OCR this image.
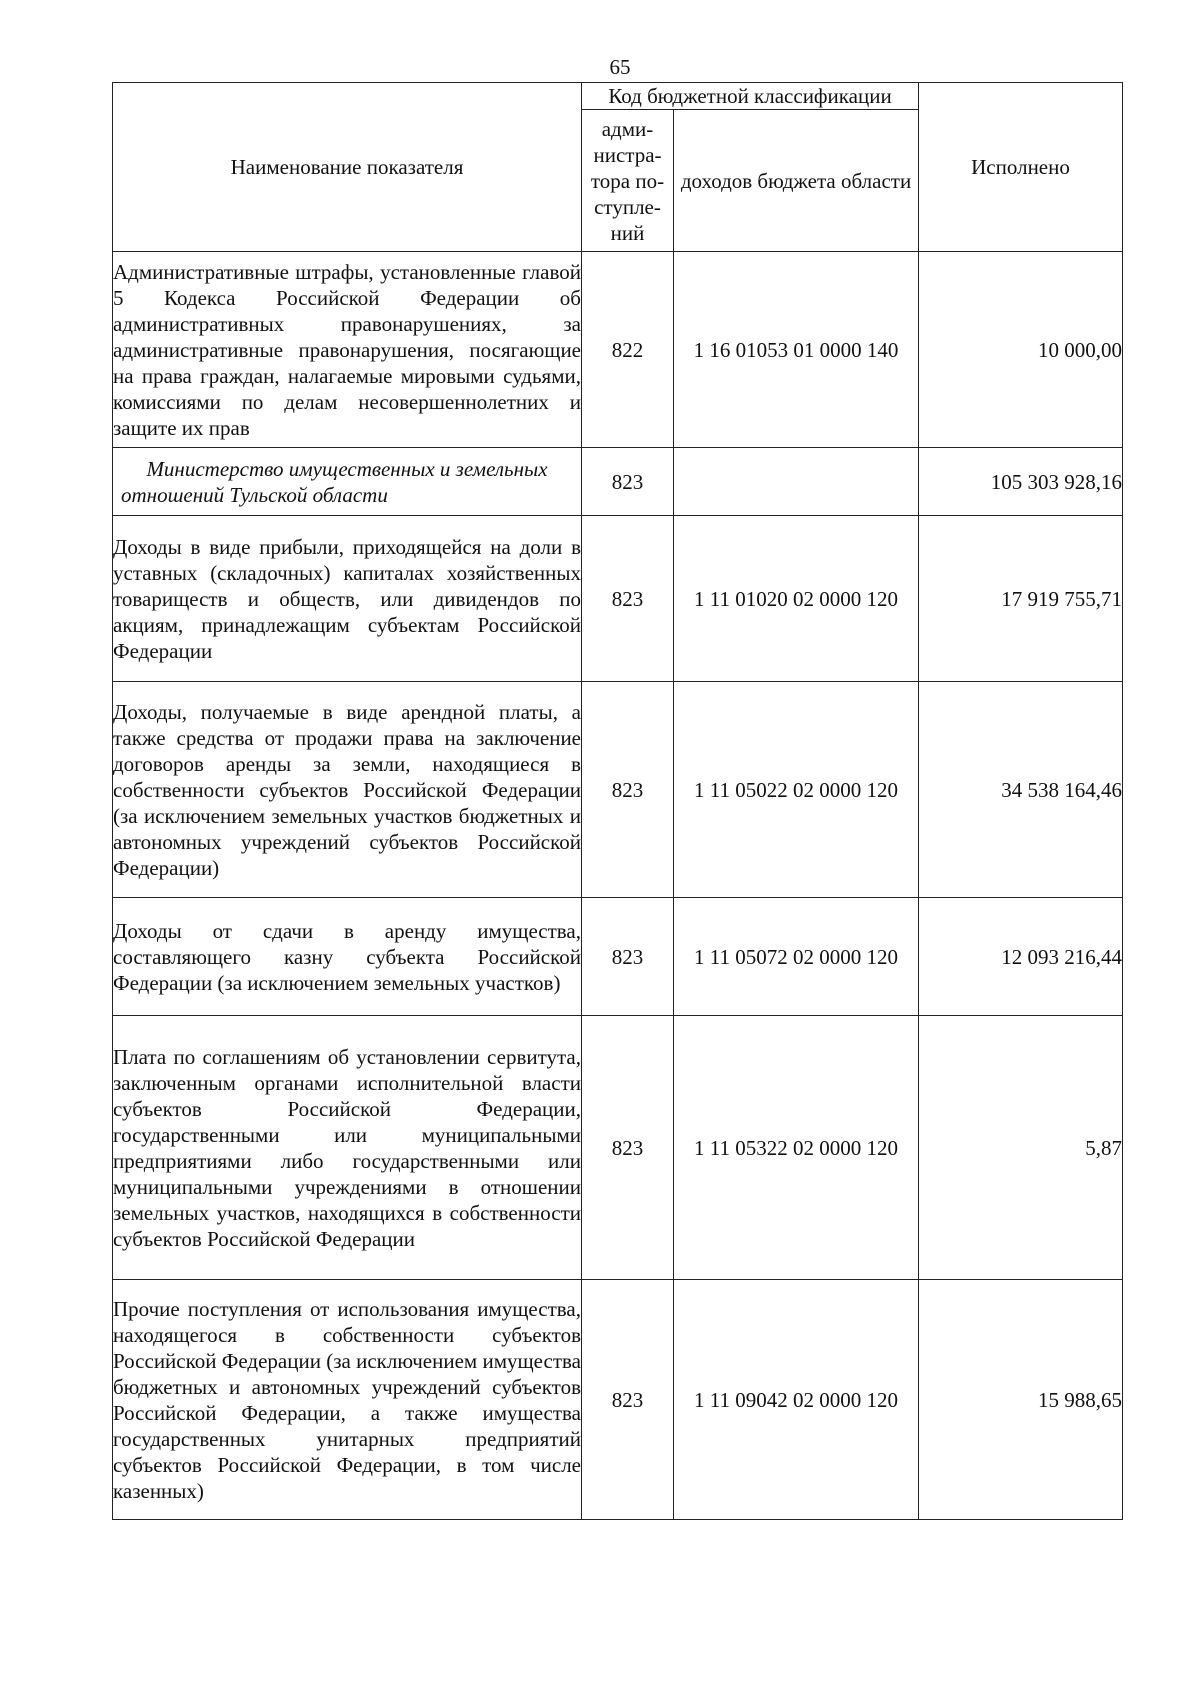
65
Наименование показателя	Код бюджетной классификации		Исполнено
	адми-
нистра-
тора по-
ступле-
ний	доходов бюджета области	
Административные штрафы, установленные главой 5 Кодекса Российской Федерации об административных правонарушениях, за административные правонарушения, посягающие на права граждан, налагаемые мировыми судьями, комиссиями по делам несовершеннолетних и защите их прав	822	1 16 01053 01 0000 140	10 000,00
Министерство имущественных и земельных отношений Тульской области	823		105 303 928,16
Доходы в виде прибыли, приходящейся на доли в уставных (складочных) капиталах хозяйственных товариществ и обществ, или дивидендов по акциям, принадлежащим субъектам Российской Федерации	823	1 11 01020 02 0000 120	17 919 755,71
Доходы, получаемые в виде арендной платы, а также средства от продажи права на заключение договоров аренды за земли, находящиеся в собственности субъектов Российской Федерации (за исключением земельных участков бюджетных и автономных учреждений субъектов Российской Федерации)	823	1 11 05022 02 0000 120	34 538 164,46
Доходы от сдачи в аренду имущества, составляющего казну субъекта Российской Федерации (за исключением земельных участков)	823	1 11 05072 02 0000 120	12 093 216,44
Плата по соглашениям об установлении сервитута, заключенным органами исполнительной власти субъектов Российской Федерации, государственными или муниципальными предприятиями либо государственными или муниципальными учреждениями в отношении земельных участков, находящихся в собственности субъектов Российской Федерации	823	1 11 05322 02 0000 120	5,87
Прочие поступления от использования имущества, находящегося в собственности субъектов Российской Федерации (за исключением имущества бюджетных и автономных учреждений субъектов Российской Федерации, а также имущества государственных унитарных предприятий субъектов Российской Федерации, в том числе казенных)	823	1 11 09042 02 0000 120	15 988,65
